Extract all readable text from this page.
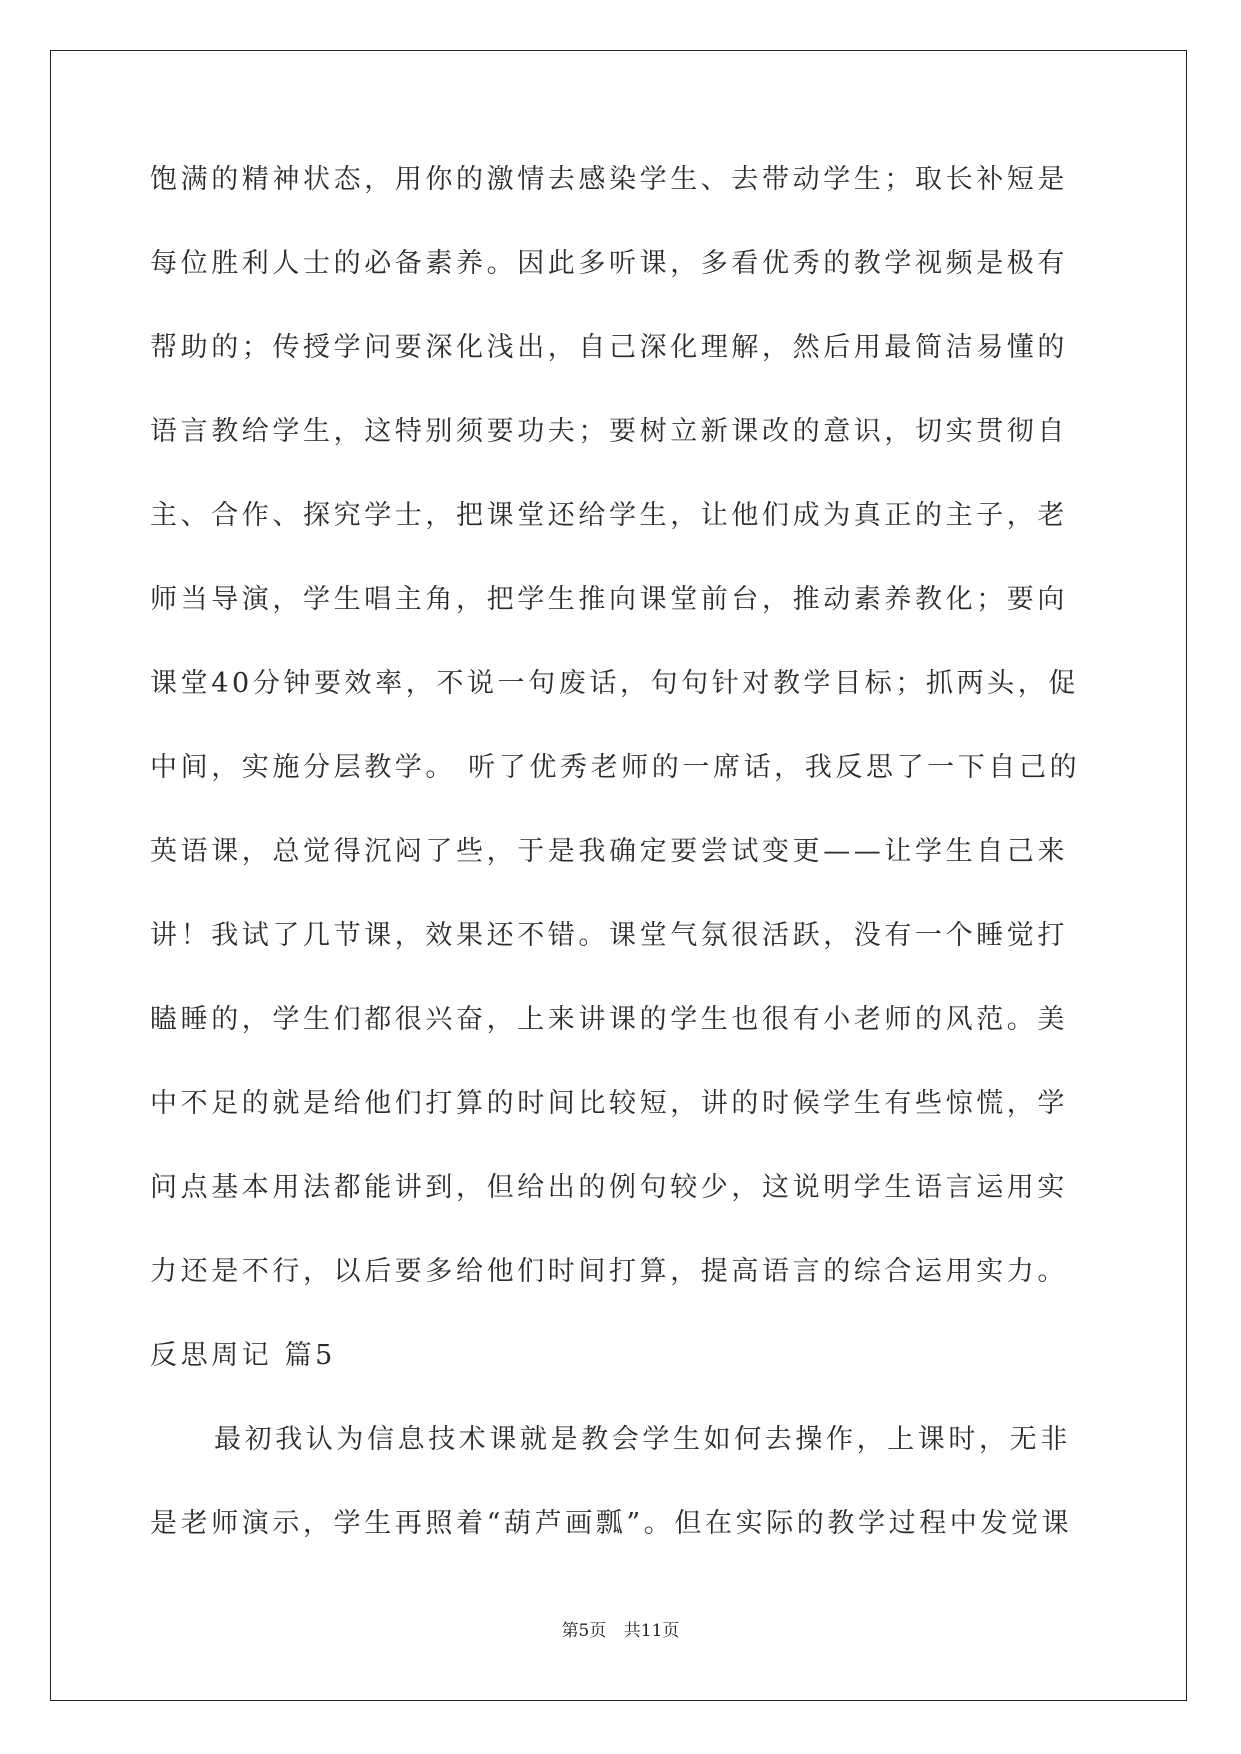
饱满的精神状态，用你的激情去感染学生、去带动学生；取长补短是
每位胜利人士的必备素养。因此多听课，多看优秀的教学视频是极有
帮助的；传授学问要深化浅出，自己深化理解，然后用最简洁易懂的
语言教给学生，这特别须要功夫；要树立新课改的意识，切实贯彻自
主、合作、探究学士，把课堂还给学生，让他们成为真正的主子，老
师当导演，学生唱主角，把学生推向课堂前台，推动素养教化；要向
课堂40分钟要效率，不说一句废话，句句针对教学目标；抓两头，促
中间，实施分层教学。 听了优秀老师的一席话，我反思了一下自己的
英语课，总觉得沉闷了些，于是我确定要尝试变更——让学生自己来
讲！我试了几节课，效果还不错。课堂气氛很活跃，没有一个睡觉打
瞌睡的，学生们都很兴奋，上来讲课的学生也很有小老师的风范。美
中不足的就是给他们打算的时间比较短，讲的时候学生有些惊慌，学
问点基本用法都能讲到，但给出的例句较少，这说明学生语言运用实
力还是不行，以后要多给他们时间打算，提高语言的综合运用实力。
反思周记 篇5
最初我认为信息技术课就是教会学生如何去操作，上课时，无非
是老师演示，学生再照着“葫芦画瓢”。但在实际的教学过程中发觉课
第5页 共11页
